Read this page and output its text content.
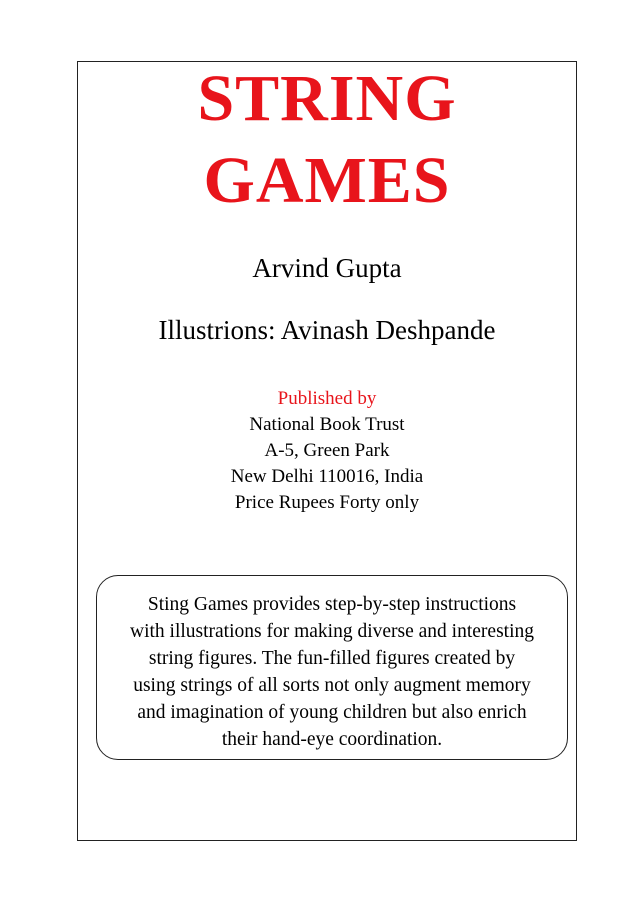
STRING
GAMES
Arvind Gupta
Illustrions: Avinash Deshpande
Published by
National Book Trust
A-5, Green Park
New Delhi 110016, India
Price Rupees Forty only
Sting Games provides step-by-step instructions
with illustrations for making diverse and interesting
string figures. The fun-filled figures created by
using strings of all sorts not only augment memory
and imagination of young children but also enrich
their hand-eye coordination.
